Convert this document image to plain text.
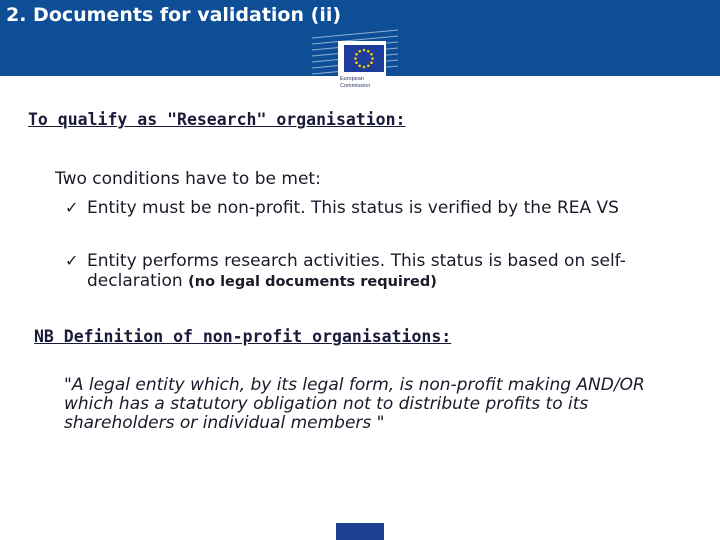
2. Documents for validation (ii)
European
Commission
To qualify as "Research" organisation:
Two conditions have to be met:
✓ Entity must be non-profit. This status is verified by the REA VS
✓ Entity performs research activities. This status is based on self-declaration (no legal documents required)
NB Definition of non-profit organisations:
"A legal entity which, by its legal form, is non-profit making AND/OR which has a statutory obligation not to distribute profits to its shareholders or individual members "
